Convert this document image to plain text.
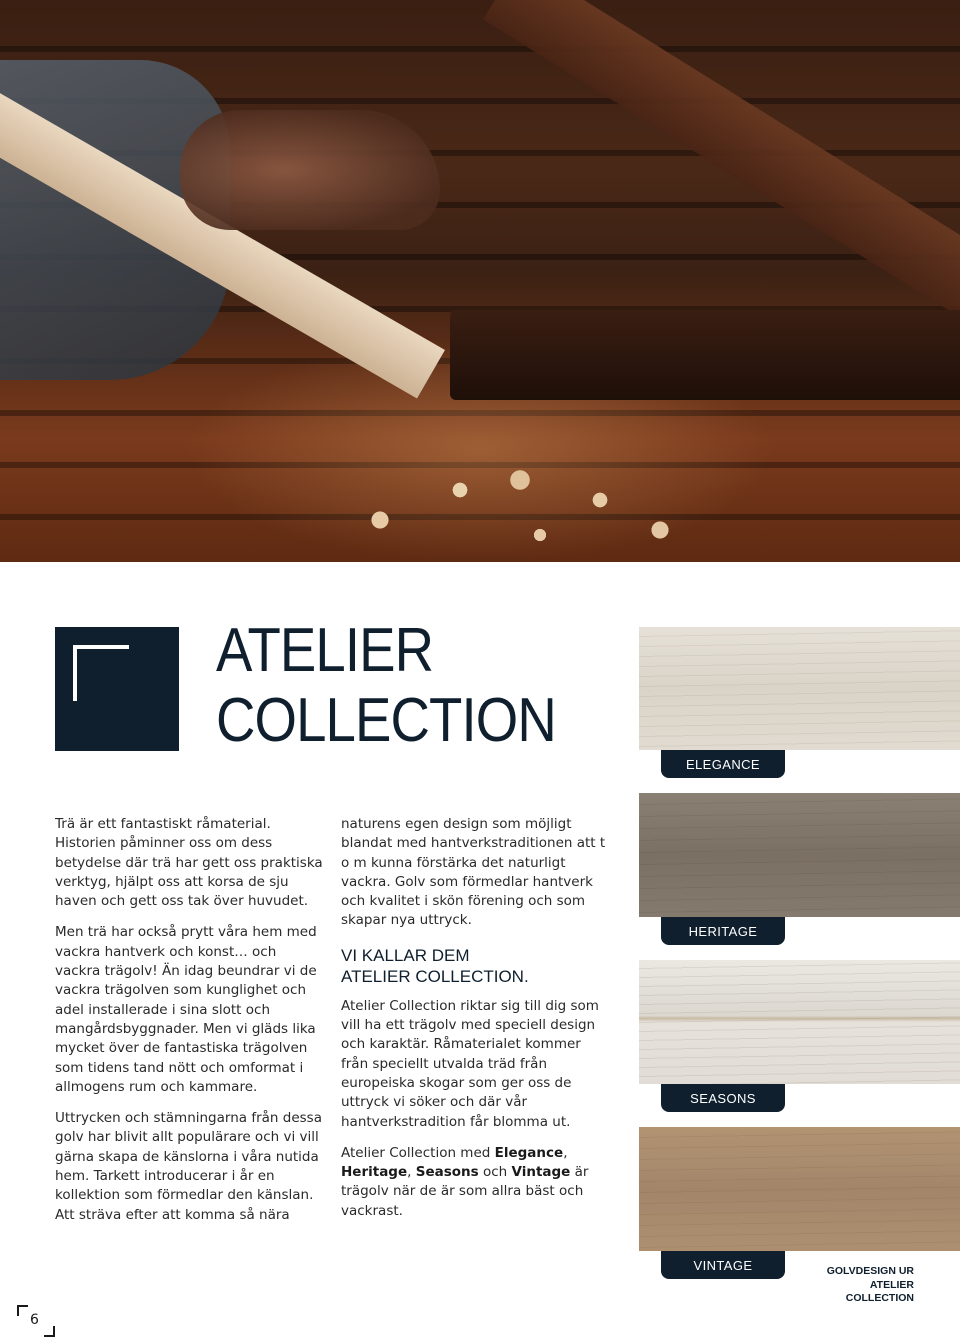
ATELIER
COLLECTION

Trä är ett fantastiskt råmaterial. Historien påminner oss om dess betydelse där trä har gett oss praktiska verktyg, hjälpt oss att korsa de sju haven och gett oss tak över huvudet.

Men trä har också prytt våra hem med vackra hantverk och konst… och vackra trägolv! Än idag beundrar vi de vackra trägolven som kunglighet och adel installerade i sina slott och mangårdsbyggnader. Men vi gläds lika mycket över de fantastiska trägolven som tidens tand nött och omformat i allmogens rum och kammare.

Uttrycken och stämningarna från dessa golv har blivit allt populärare och vi vill gärna skapa de känslorna i våra nutida hem. Tarkett introducerar i år en kollektion som förmedlar den känslan. Att sträva efter att komma så nära

naturens egen design som möjligt blandat med hantverkstraditionen att t o m kunna förstärka det naturligt vackra. Golv som förmedlar hantverk och kvalitet i skön förening och som skapar nya uttryck.

VI KALLAR DEM
ATELIER COLLECTION.

Atelier Collection riktar sig till dig som vill ha ett trägolv med speciell design och karaktär. Råmaterialet kommer från speciellt utvalda träd från europeiska skogar som ger oss de uttryck vi söker och där vår hantverkstradition får blomma ut.

Atelier Collection med Elegance, Heritage, Seasons och Vintage är trägolv när de är som allra bäst och vackrast.

ELEGANCE
HERITAGE
SEASONS
VINTAGE	GOLVDESIGN UR
ATELIER
COLLECTION
6
